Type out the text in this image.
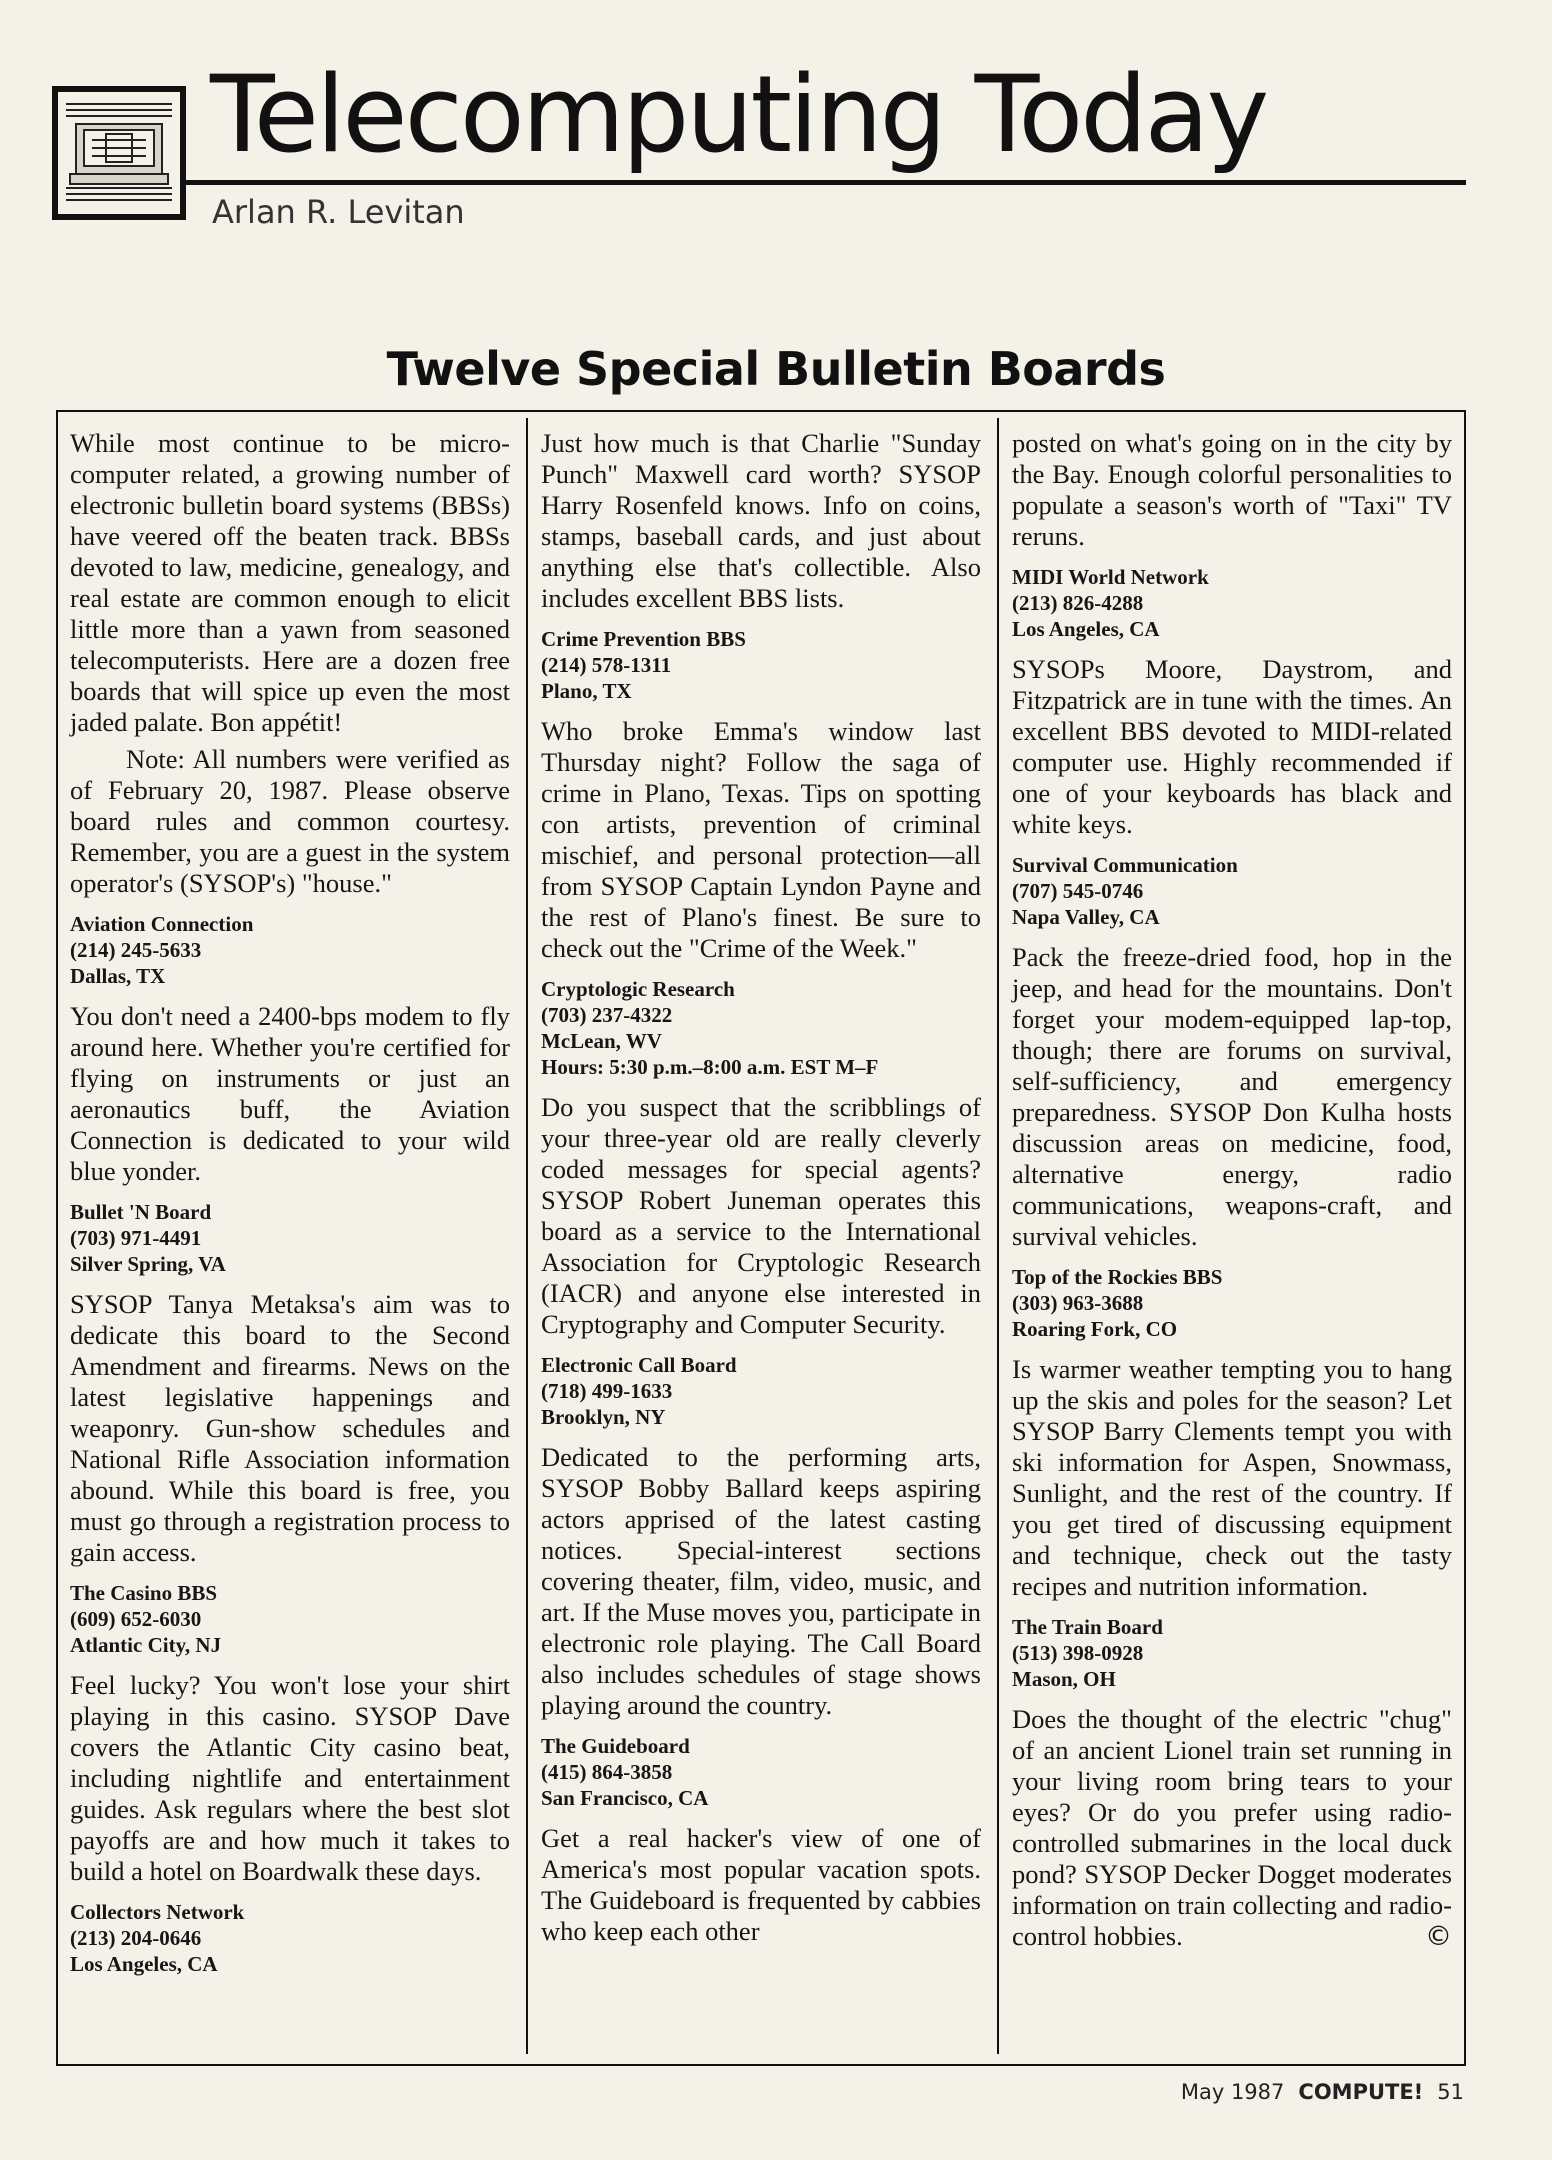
Telecomputing Today
Arlan R. Levitan
Twelve Special Bulletin Boards

While most continue to be micro-computer related, a growing number of electronic bulletin board systems (BBSs) have veered off the beaten track. BBSs devoted to law, medicine, genealogy, and real estate are common enough to elicit little more than a yawn from seasoned telecomputerists. Here are a dozen free boards that will spice up even the most jaded palate. Bon appétit!

Note: All numbers were verified as of February 20, 1987. Please observe board rules and common courtesy. Remember, you are a guest in the system operator's (SYSOP's) "house."

Aviation Connection
(214) 245-5633
Dallas, TX

You don't need a 2400-bps modem to fly around here. Whether you're certified for flying on instruments or just an aeronautics buff, the Aviation Connection is dedicated to your wild blue yonder.

Bullet 'N Board
(703) 971-4491
Silver Spring, VA

SYSOP Tanya Metaksa's aim was to dedicate this board to the Second Amendment and firearms. News on the latest legislative happenings and weaponry. Gun-show schedules and National Rifle Association information abound. While this board is free, you must go through a registration process to gain access.

The Casino BBS
(609) 652-6030
Atlantic City, NJ

Feel lucky? You won't lose your shirt playing in this casino. SYSOP Dave covers the Atlantic City casino beat, including nightlife and entertainment guides. Ask regulars where the best slot payoffs are and how much it takes to build a hotel on Boardwalk these days.

Collectors Network
(213) 204-0646
Los Angeles, CA

Just how much is that Charlie "Sunday Punch" Maxwell card worth? SYSOP Harry Rosenfeld knows. Info on coins, stamps, baseball cards, and just about anything else that's collectible. Also includes excellent BBS lists.

Crime Prevention BBS
(214) 578-1311
Plano, TX

Who broke Emma's window last Thursday night? Follow the saga of crime in Plano, Texas. Tips on spotting con artists, prevention of criminal mischief, and personal protection—all from SYSOP Captain Lyndon Payne and the rest of Plano's finest. Be sure to check out the "Crime of the Week."

Cryptologic Research
(703) 237-4322
McLean, WV
Hours: 5:30 p.m.–8:00 a.m. EST M–F

Do you suspect that the scribblings of your three-year old are really cleverly coded messages for special agents? SYSOP Robert Juneman operates this board as a service to the International Association for Cryptologic Research (IACR) and anyone else interested in Cryptography and Computer Security.

Electronic Call Board
(718) 499-1633
Brooklyn, NY

Dedicated to the performing arts, SYSOP Bobby Ballard keeps aspiring actors apprised of the latest casting notices. Special-interest sections covering theater, film, video, music, and art. If the Muse moves you, participate in electronic role playing. The Call Board also includes schedules of stage shows playing around the country.

The Guideboard
(415) 864-3858
San Francisco, CA

Get a real hacker's view of one of America's most popular vacation spots. The Guideboard is frequented by cabbies who keep each other

posted on what's going on in the city by the Bay. Enough colorful personalities to populate a season's worth of "Taxi" TV reruns.

MIDI World Network
(213) 826-4288
Los Angeles, CA

SYSOPs Moore, Daystrom, and Fitzpatrick are in tune with the times. An excellent BBS devoted to MIDI-related computer use. Highly recommended if one of your keyboards has black and white keys.

Survival Communication
(707) 545-0746
Napa Valley, CA

Pack the freeze-dried food, hop in the jeep, and head for the mountains. Don't forget your modem-equipped lap-top, though; there are forums on survival, self-sufficiency, and emergency preparedness. SYSOP Don Kulha hosts discussion areas on medicine, food, alternative energy, radio communications, weapons-craft, and survival vehicles.

Top of the Rockies BBS
(303) 963-3688
Roaring Fork, CO

Is warmer weather tempting you to hang up the skis and poles for the season? Let SYSOP Barry Clements tempt you with ski information for Aspen, Snowmass, Sunlight, and the rest of the country. If you get tired of discussing equipment and technique, check out the tasty recipes and nutrition information.

The Train Board
(513) 398-0928
Mason, OH

Does the thought of the electric "chug" of an ancient Lionel train set running in your living room bring tears to your eyes? Or do you prefer using radio-controlled submarines in the local duck pond? SYSOP Decker Dogget moderates information on train collecting and radio-control hobbies.	©

May 1987 COMPUTE! 51
